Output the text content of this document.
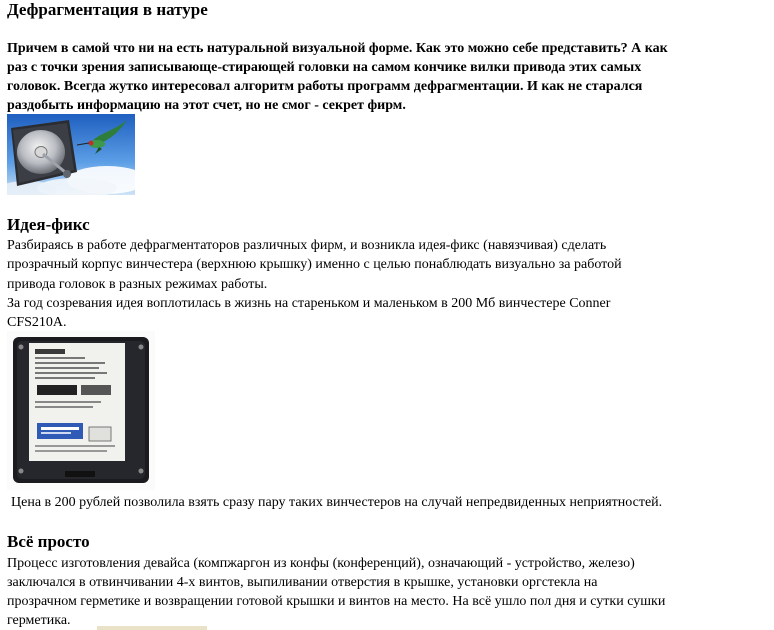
Дефрагментация в натуре
Причем в самой что ни на есть натуральной визуальной форме. Как это можно себе представить? А как
раз с точки зрения записывающе-стирающей головки на самом кончике вилки привода этих самых
головок. Всегда жутко интересовал алгоритм работы программ дефрагментации. И как не старался
раздобыть информацию на этот счет, но не смог - секрет фирм.
Идея-фикс
Разбираясь в работе дефрагментаторов различных фирм, и возникла идея-фикс (навязчивая) сделать
прозрачный корпус винчестера (верхнюю крышку) именно с целью понаблюдать визуально за работой
привода головок в разных режимах работы.
За год созревания идея воплотилась в жизнь на старeньком и маленьком в 200 Мб винчестере Conner
CFS210A.
Цена в 200 рублей позволила взять сразу пару таких винчестеров на случай непредвиденных неприятностей.
Всё просто
Процесс изготовления девайса (компжаргон из конфы (конференций), означающий - устройство, железо)
заключался в отвинчивании 4-х винтов, выпиливании отверстия в крышке, установки оргстекла на
прозрачном герметике и возвращении готовой крышки и винтов на место. На всё ушло пол дня и сутки сушки
герметика.
